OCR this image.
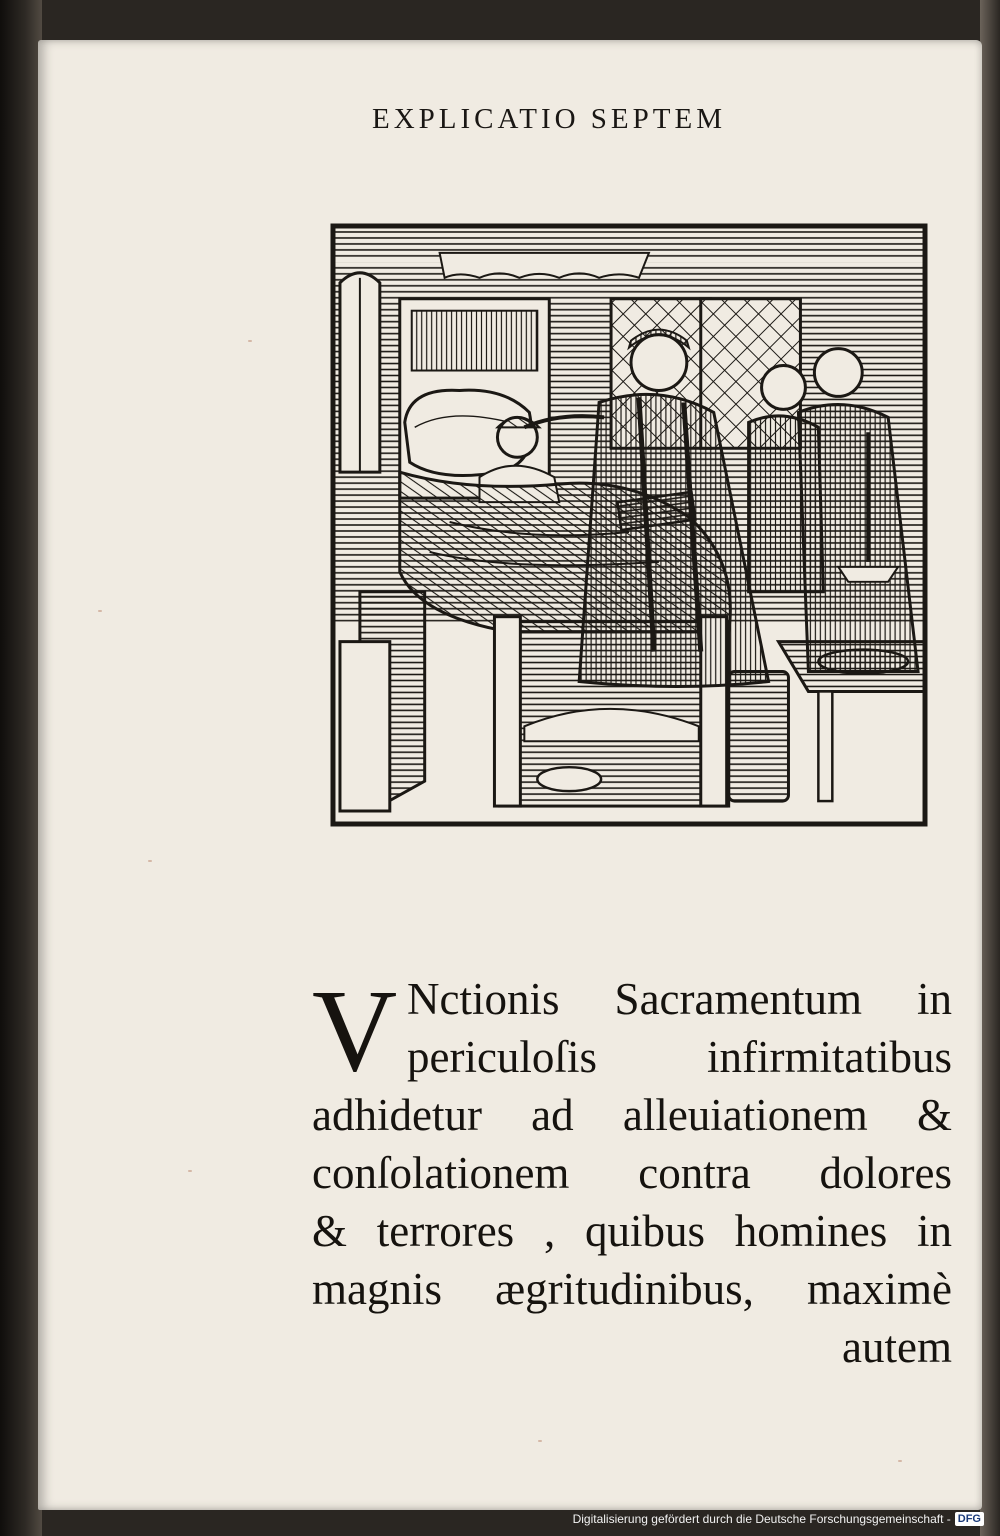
EXPLICATIO SEPTEM
V Nctionis Sacramentum in
periculoſis infirmitatibus
adhidetur ad alleuiationem &
conſolationem contra dolores
& terrores , quibus homines in
magnis ægritudinibus, maximè
autem
Digitalisierung gefördert durch die Deutsche Forschungsgemeinschaft - DFG
